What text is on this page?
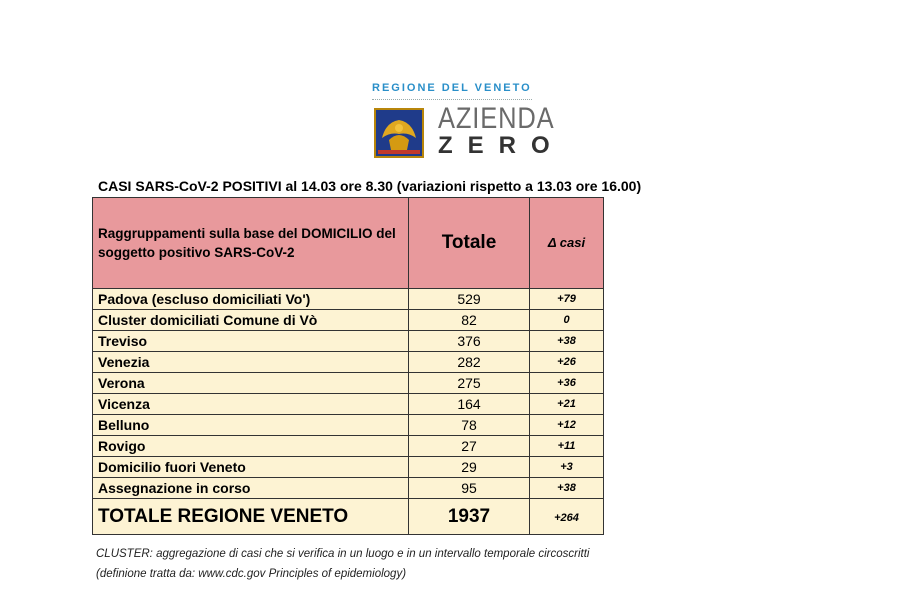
REGIONE DEL VENETO
AZIENDA
ZERO
CASI SARS-CoV-2 POSITIVI al 14.03 ore 8.30 (variazioni rispetto a 13.03 ore 16.00)
Raggruppamenti sulla base del DOMICILIO del soggetto positivo SARS-CoV-2	Totale	Δ casi
Padova (escluso domiciliati Vo')	529	+79
Cluster domiciliati Comune di Vò	82	0
Treviso	376	+38
Venezia	282	+26
Verona	275	+36
Vicenza	164	+21
Belluno	78	+12
Rovigo	27	+11
Domicilio fuori Veneto	29	+3
Assegnazione in corso	95	+38
TOTALE REGIONE VENETO	1937	+264
CLUSTER: aggregazione di casi che si verifica in un luogo e in un intervallo temporale circoscritti
(definione tratta da: www.cdc.gov Principles of epidemiology)
